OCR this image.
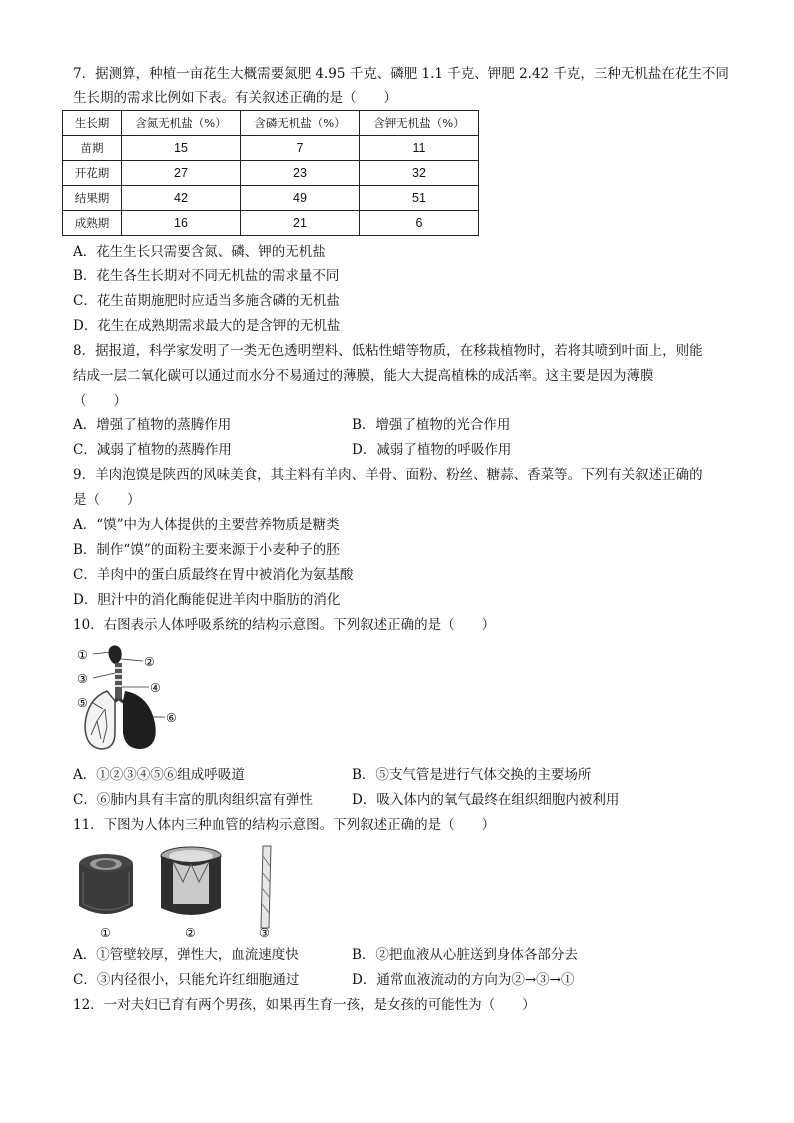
7．据测算，种植一亩花生大概需要氮肥 4.95 千克、磷肥 1.1 千克、钾肥 2.42 千克，三种无机盐在花生不同
生长期的需求比例如下表。有关叙述正确的是（　　）
生长期	含氮无机盐（%）	含磷无机盐（%）	含钾无机盐（%）
苗期	15	7	11
开花期	27	23	32
结果期	42	49	51
成熟期	16	21	6
A．花生生长只需要含氮、磷、钾的无机盐
B．花生各生长期对不同无机盐的需求量不同
C．花生苗期施肥时应适当多施含磷的无机盐
D．花生在成熟期需求最大的是含钾的无机盐
8．据报道，科学家发明了一类无色透明塑料、低粘性蜡等物质，在移栽植物时，若将其喷到叶面上，则能
结成一层二氧化碳可以通过而水分不易通过的薄膜，能大大提高植株的成活率。这主要是因为薄膜
（　　）
A．增强了植物的蒸腾作用	B．增强了植物的光合作用
C．减弱了植物的蒸腾作用	D．减弱了植物的呼吸作用
9．羊肉泡馍是陕西的风味美食，其主料有羊肉、羊骨、面粉、粉丝、糖蒜、香菜等。下列有关叙述正确的
是（　　）
A．“馍”中为人体提供的主要营养物质是糖类
B．制作“馍”的面粉主要来源于小麦种子的胚
C．羊肉中的蛋白质最终在胃中被消化为氨基酸
D．胆汁中的消化酶能促进羊肉中脂肪的消化
10．右图表示人体呼吸系统的结构示意图。下列叙述正确的是（　　）
①	②
③
④
⑤
⑥
A．①②③④⑤⑥组成呼吸道	B．⑤支气管是进行气体交换的主要场所
C．⑥肺内具有丰富的肌肉组织富有弹性	D．吸入体内的氧气最终在组织细胞内被利用
11．下图为人体内三种血管的结构示意图。下列叙述正确的是（　　）
①	②	③
A．①管壁较厚，弹性大，血流速度快	B．②把血液从心脏送到身体各部分去
C．③内径很小，只能允许红细胞通过	D．通常血液流动的方向为②→③→①
12．一对夫妇已育有两个男孩，如果再生育一孩，是女孩的可能性为（　　）
